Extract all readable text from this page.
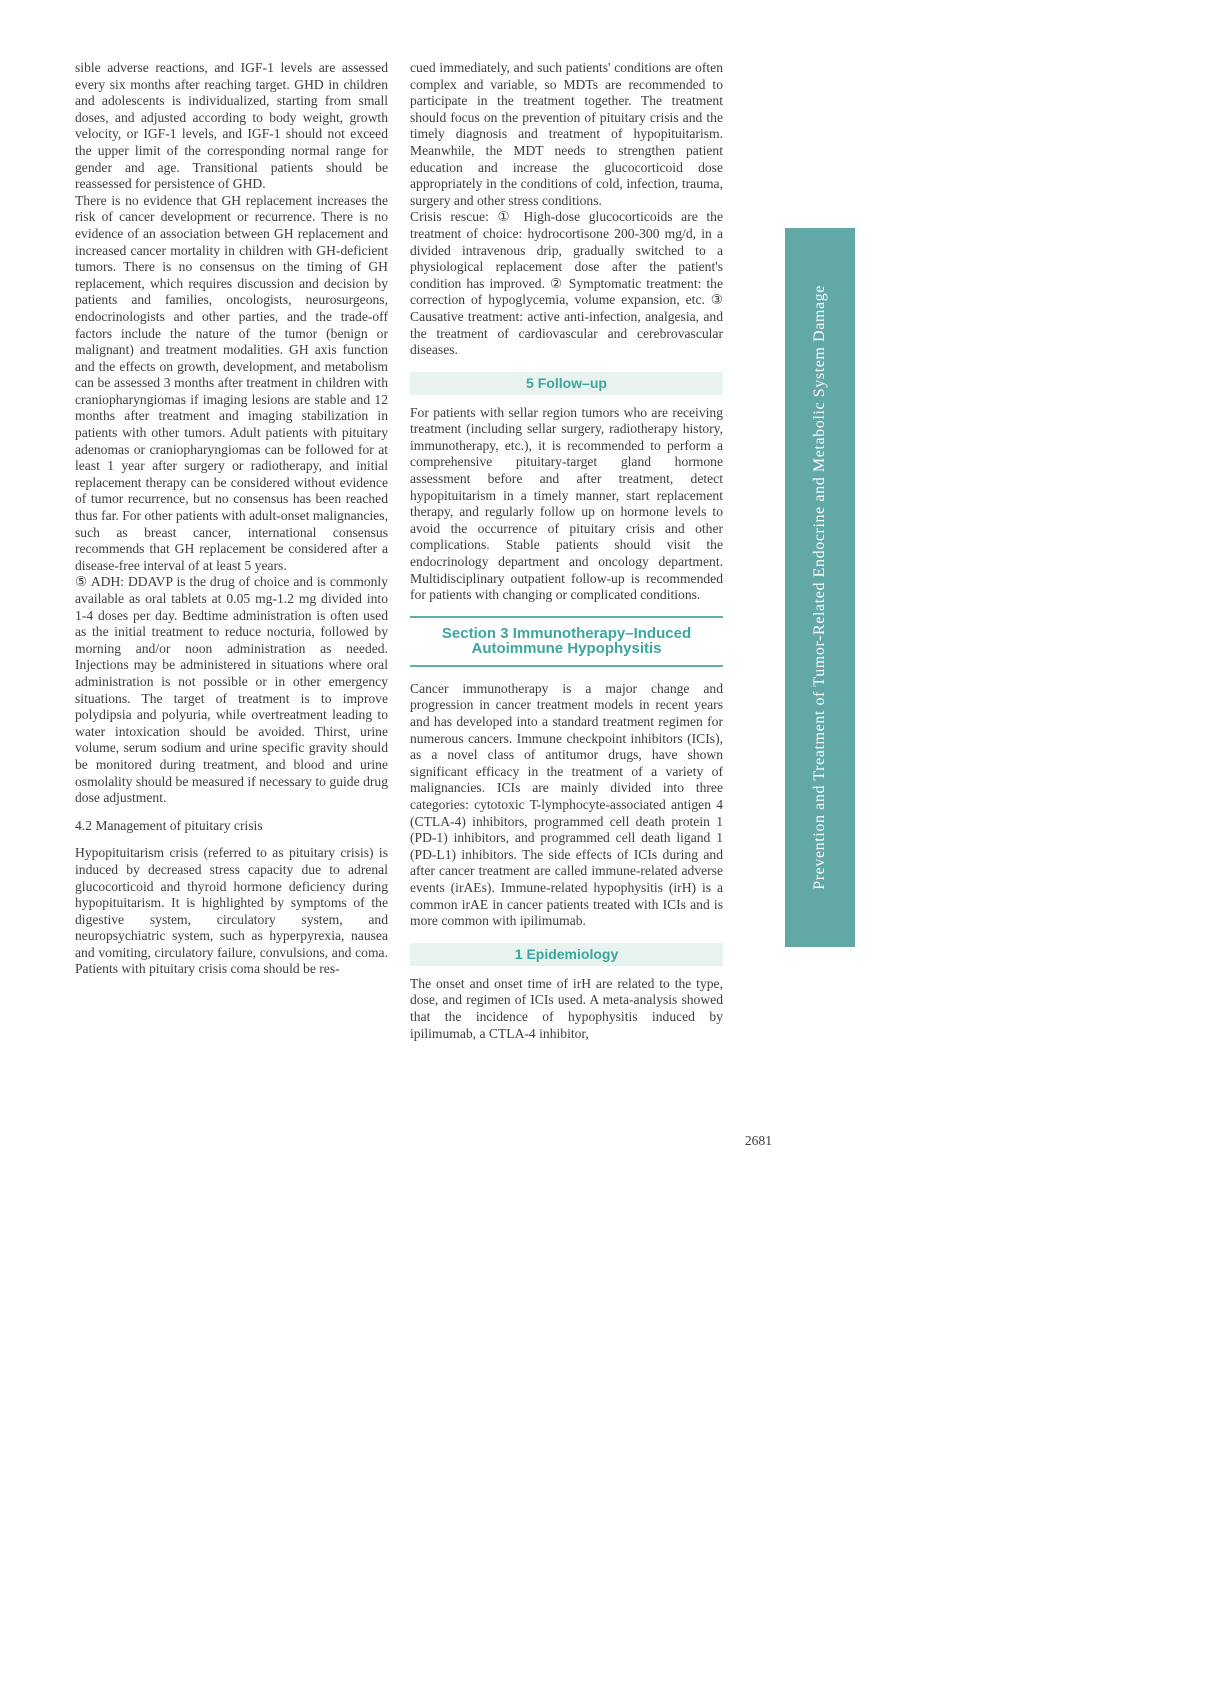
sible adverse reactions, and IGF-1 levels are assessed every six months after reaching target. GHD in children and adolescents is individualized, starting from small doses, and adjusted according to body weight, growth velocity, or IGF-1 levels, and IGF-1 should not exceed the upper limit of the corresponding normal range for gender and age. Transitional patients should be reassessed for persistence of GHD.

There is no evidence that GH replacement increases the risk of cancer development or recurrence. There is no evidence of an association between GH replacement and increased cancer mortality in children with GH-deficient tumors. There is no consensus on the timing of GH replacement, which requires discussion and decision by patients and families, oncologists, neurosurgeons, endocrinologists and other parties, and the trade-off factors include the nature of the tumor (benign or malignant) and treatment modalities. GH axis function and the effects on growth, development, and metabolism can be assessed 3 months after treatment in children with craniopharyngiomas if imaging lesions are stable and 12 months after treatment and imaging stabilization in patients with other tumors. Adult patients with pituitary adenomas or craniopharyngiomas can be followed for at least 1 year after surgery or radiotherapy, and initial replacement therapy can be considered without evidence of tumor recurrence, but no consensus has been reached thus far. For other patients with adult-onset malignancies, such as breast cancer, international consensus recommends that GH replacement be considered after a disease-free interval of at least 5 years.

⑤ ADH: DDAVP is the drug of choice and is commonly available as oral tablets at 0.05 mg-1.2 mg divided into 1-4 doses per day. Bedtime administration is often used as the initial treatment to reduce nocturia, followed by morning and/or noon administration as needed. Injections may be administered in situations where oral administration is not possible or in other emergency situations. The target of treatment is to improve polydipsia and polyuria, while overtreatment leading to water intoxication should be avoided. Thirst, urine volume, serum sodium and urine specific gravity should be monitored during treatment, and blood and urine osmolality should be measured if necessary to guide drug dose adjustment.

4.2 Management of pituitary crisis

Hypopituitarism crisis (referred to as pituitary crisis) is induced by decreased stress capacity due to adrenal glucocorticoid and thyroid hormone deficiency during hypopituitarism. It is highlighted by symptoms of the digestive system, circulatory system, and neuropsychiatric system, such as hyperpyrexia, nausea and vomiting, circulatory failure, convulsions, and coma. Patients with pituitary crisis coma should be res-

cued immediately, and such patients' conditions are often complex and variable, so MDTs are recommended to participate in the treatment together. The treatment should focus on the prevention of pituitary crisis and the timely diagnosis and treatment of hypopituitarism. Meanwhile, the MDT needs to strengthen patient education and increase the glucocorticoid dose appropriately in the conditions of cold, infection, trauma, surgery and other stress conditions.

Crisis rescue: ① High-dose glucocorticoids are the treatment of choice: hydrocortisone 200-300 mg/d, in a divided intravenous drip, gradually switched to a physiological replacement dose after the patient's condition has improved. ② Symptomatic treatment: the correction of hypoglycemia, volume expansion, etc. ③ Causative treatment: active anti-infection, analgesia, and the treatment of cardiovascular and cerebrovascular diseases.

5 Follow–up

For patients with sellar region tumors who are receiving treatment (including sellar surgery, radiotherapy history, immunotherapy, etc.), it is recommended to perform a comprehensive pituitary-target gland hormone assessment before and after treatment, detect hypopituitarism in a timely manner, start replacement therapy, and regularly follow up on hormone levels to avoid the occurrence of pituitary crisis and other complications. Stable patients should visit the endocrinology department and oncology department. Multidisciplinary outpatient follow-up is recommended for patients with changing or complicated conditions.

Section 3 Immunotherapy–Induced
Autoimmune Hypophysitis

Cancer immunotherapy is a major change and progression in cancer treatment models in recent years and has developed into a standard treatment regimen for numerous cancers. Immune checkpoint inhibitors (ICIs), as a novel class of antitumor drugs, have shown significant efficacy in the treatment of a variety of malignancies. ICIs are mainly divided into three categories: cytotoxic T-lymphocyte-associated antigen 4 (CTLA-4) inhibitors, programmed cell death protein 1 (PD-1) inhibitors, and programmed cell death ligand 1 (PD-L1) inhibitors. The side effects of ICIs during and after cancer treatment are called immune-related adverse events (irAEs). Immune-related hypophysitis (irH) is a common irAE in cancer patients treated with ICIs and is more common with ipilimumab.

1 Epidemiology

The onset and onset time of irH are related to the type, dose, and regimen of ICIs used. A meta-analysis showed that the incidence of hypophysitis induced by ipilimumab, a CTLA-4 inhibitor,

Prevention and Treatment of Tumor-Related Endocrine and Metabolic System Damage
2681
